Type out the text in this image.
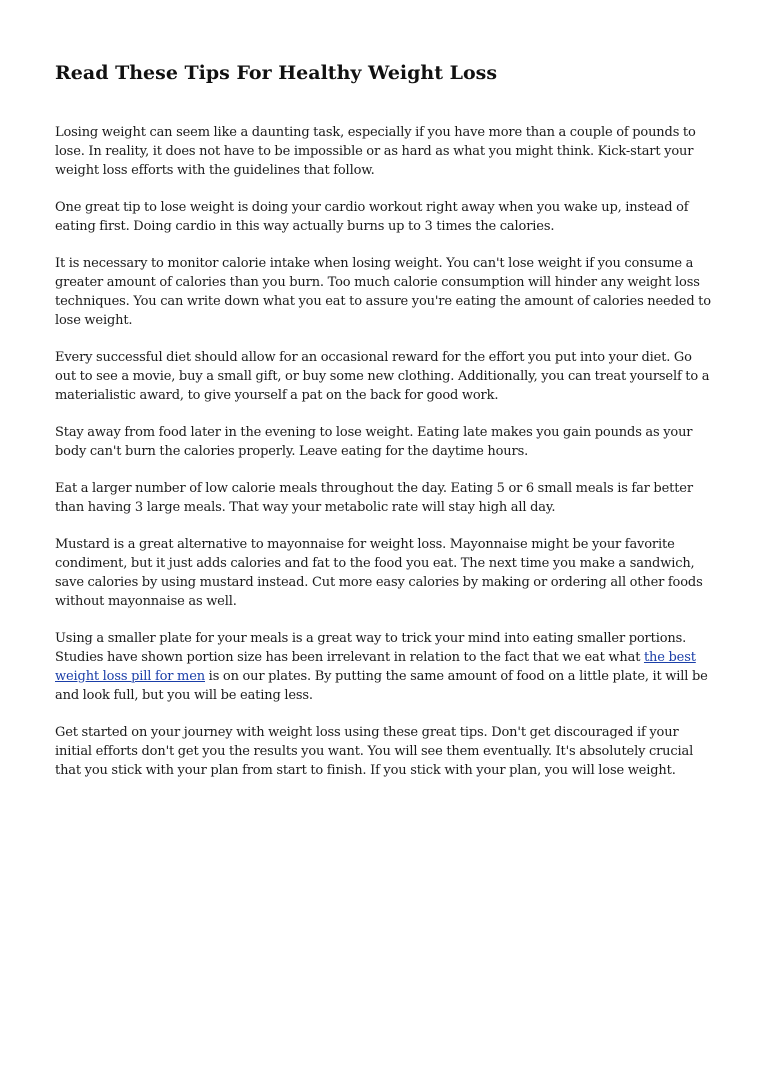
Read These Tips For Healthy Weight Loss

Losing weight can seem like a daunting task, especially if you have more than a couple of pounds to lose. In reality, it does not have to be impossible or as hard as what you might think. Kick-start your weight loss efforts with the guidelines that follow.

One great tip to lose weight is doing your cardio workout right away when you wake up, instead of eating first. Doing cardio in this way actually burns up to 3 times the calories.

It is necessary to monitor calorie intake when losing weight. You can't lose weight if you consume a greater amount of calories than you burn. Too much calorie consumption will hinder any weight loss techniques. You can write down what you eat to assure you're eating the amount of calories needed to lose weight.

Every successful diet should allow for an occasional reward for the effort you put into your diet. Go out to see a movie, buy a small gift, or buy some new clothing. Additionally, you can treat yourself to a materialistic award, to give yourself a pat on the back for good work.

Stay away from food later in the evening to lose weight. Eating late makes you gain pounds as your body can't burn the calories properly. Leave eating for the daytime hours.

Eat a larger number of low calorie meals throughout the day. Eating 5 or 6 small meals is far better than having 3 large meals. That way your metabolic rate will stay high all day.

Mustard is a great alternative to mayonnaise for weight loss. Mayonnaise might be your favorite condiment, but it just adds calories and fat to the food you eat. The next time you make a sandwich, save calories by using mustard instead. Cut more easy calories by making or ordering all other foods without mayonnaise as well.

Using a smaller plate for your meals is a great way to trick your mind into eating smaller portions. Studies have shown portion size has been irrelevant in relation to the fact that we eat what the best weight loss pill for men is on our plates. By putting the same amount of food on a little plate, it will be and look full, but you will be eating less.

Get started on your journey with weight loss using these great tips. Don't get discouraged if your initial efforts don't get you the results you want. You will see them eventually. It's absolutely crucial that you stick with your plan from start to finish. If you stick with your plan, you will lose weight.
